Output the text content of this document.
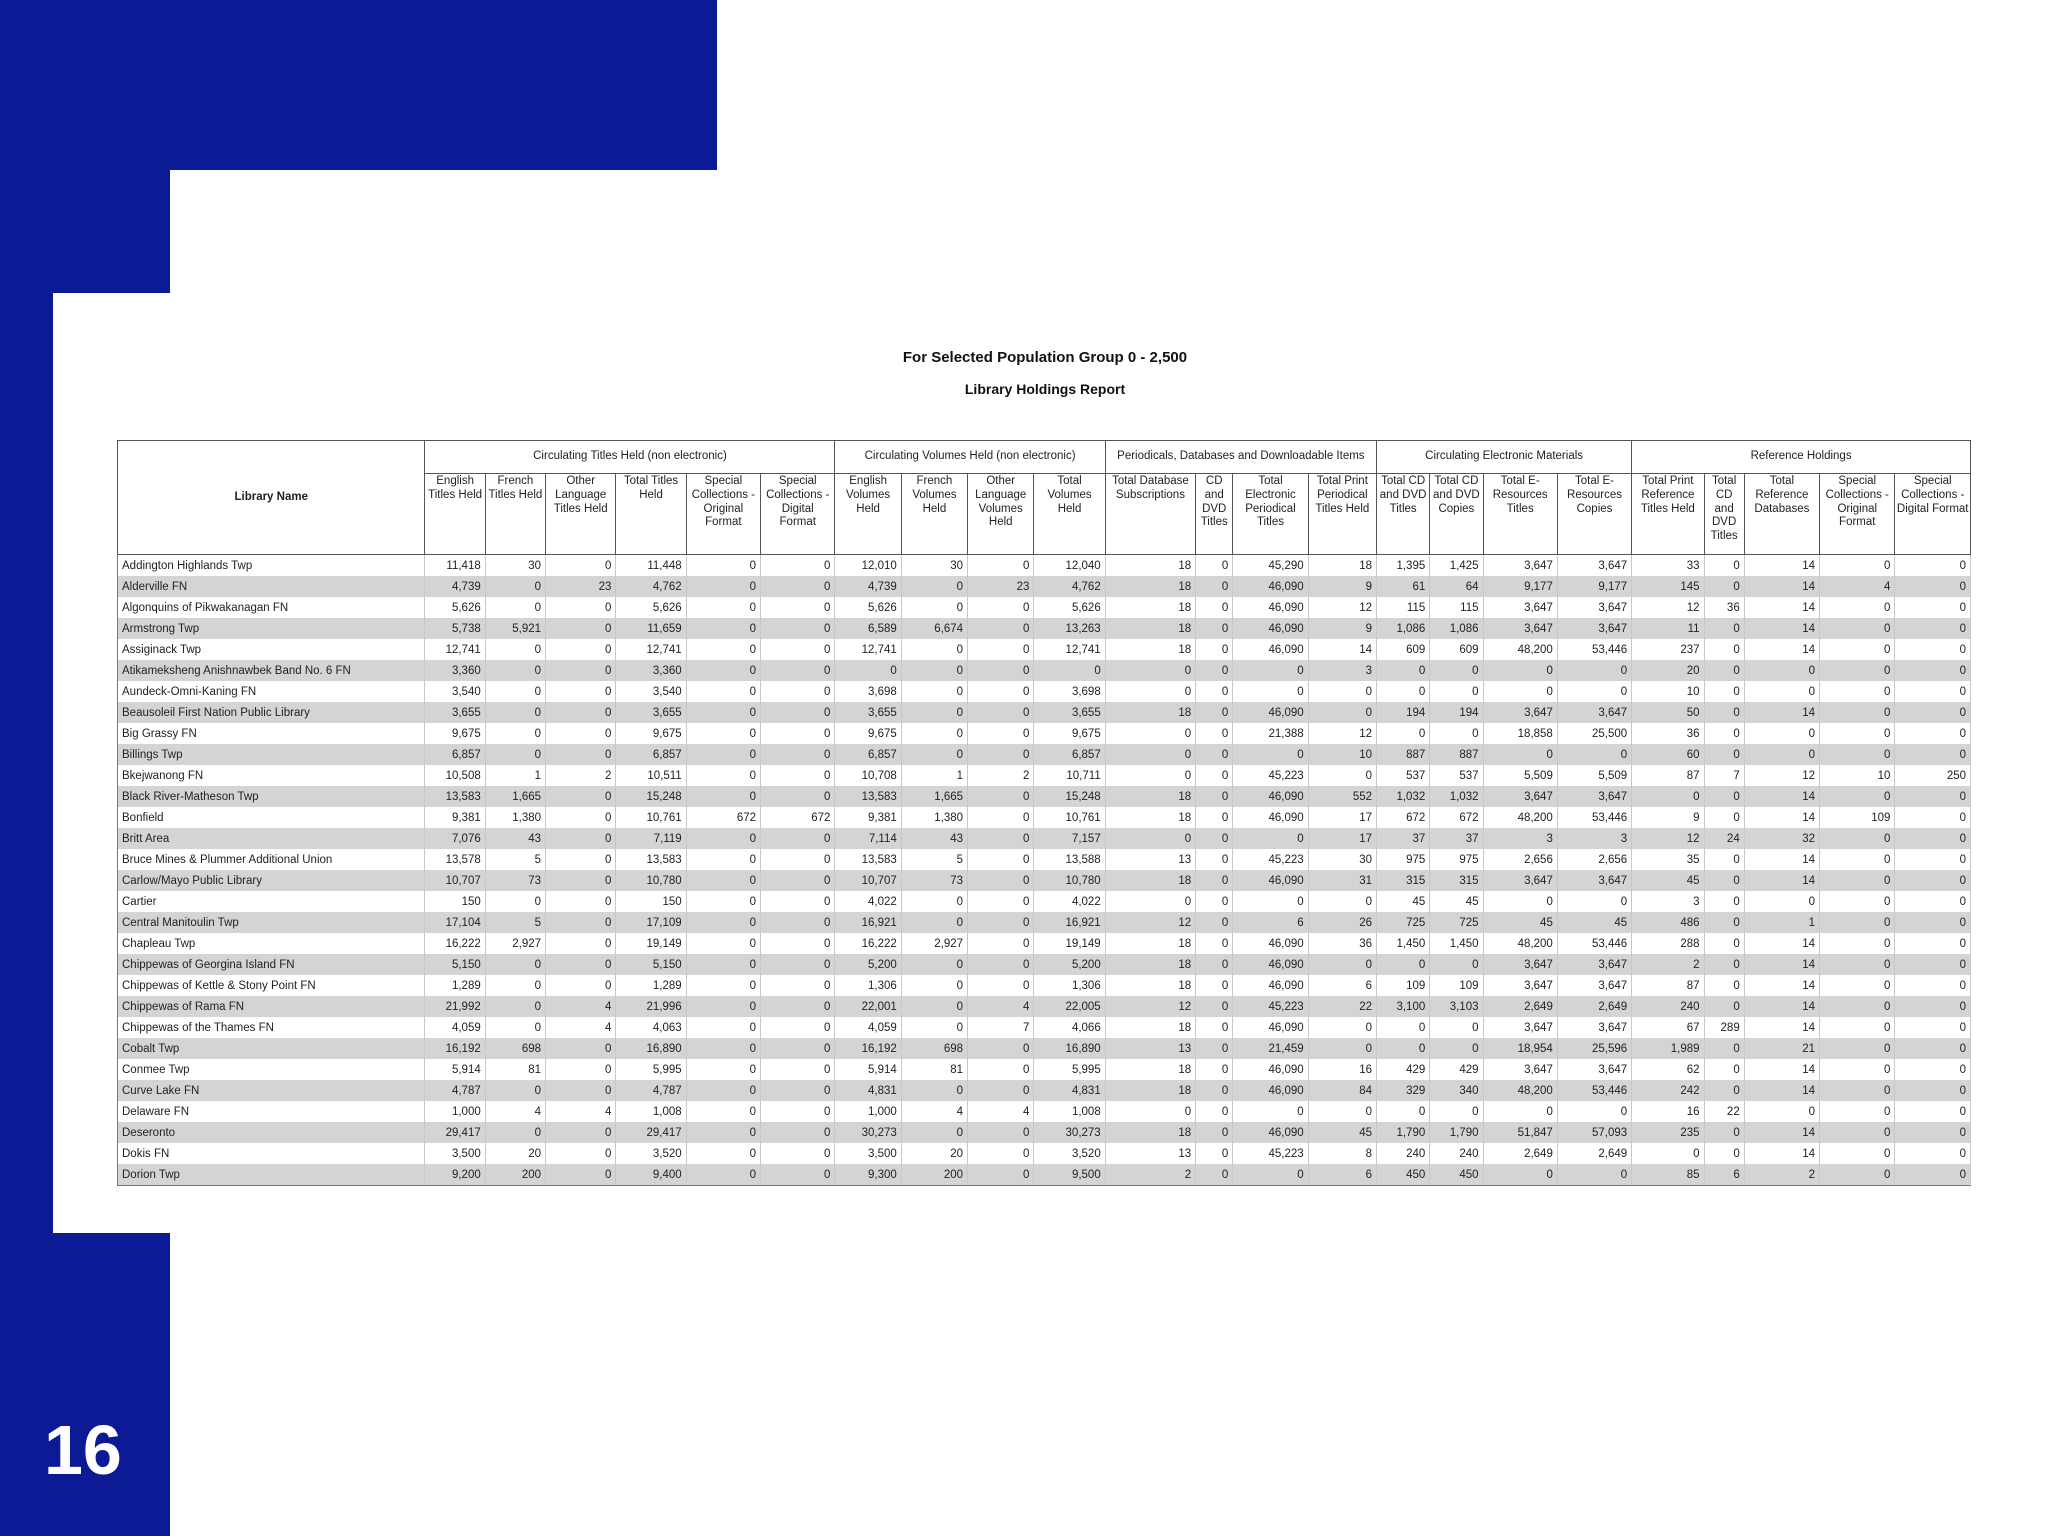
16
For Selected Population Group 0 - 2,500
Library Holdings Report
Library Name	Circulating Titles Held (non electronic)						Circulating Volumes Held (non electronic)				Periodicals, Databases and Downloadable Items				Circulating Electronic Materials				Reference Holdings				
	English Titles Held	French Titles Held	Other Language Titles Held	Total Titles Held	Special Collections - Original Format	Special Collections - Digital Format	English Volumes Held	French Volumes Held	Other Language Volumes Held	Total Volumes Held	Total Database Subscriptions	CD and DVD Titles	Total Electronic Periodical Titles	Total Print Periodical Titles Held	Total CD and DVD Titles	Total CD and DVD Copies	Total E-Resources Titles	Total E-Resources Copies	Total Print Reference Titles Held	Total CD and DVD Titles	Total Reference Databases	Special Collections - Original Format	Special Collections - Digital Format
Addington Highlands Twp	11,418	30	0	11,448	0	0	12,010	30	0	12,040	18	0	45,290	18	1,395	1,425	3,647	3,647	33	0	14	0	0
Alderville FN	4,739	0	23	4,762	0	0	4,739	0	23	4,762	18	0	46,090	9	61	64	9,177	9,177	145	0	14	4	0
Algonquins of Pikwakanagan FN	5,626	0	0	5,626	0	0	5,626	0	0	5,626	18	0	46,090	12	115	115	3,647	3,647	12	36	14	0	0
Armstrong Twp	5,738	5,921	0	11,659	0	0	6,589	6,674	0	13,263	18	0	46,090	9	1,086	1,086	3,647	3,647	11	0	14	0	0
Assiginack Twp	12,741	0	0	12,741	0	0	12,741	0	0	12,741	18	0	46,090	14	609	609	48,200	53,446	237	0	14	0	0
Atikameksheng Anishnawbek Band No. 6 FN	3,360	0	0	3,360	0	0	0	0	0	0	0	0	0	3	0	0	0	0	20	0	0	0	0
Aundeck-Omni-Kaning FN	3,540	0	0	3,540	0	0	3,698	0	0	3,698	0	0	0	0	0	0	0	0	10	0	0	0	0
Beausoleil First Nation Public Library	3,655	0	0	3,655	0	0	3,655	0	0	3,655	18	0	46,090	0	194	194	3,647	3,647	50	0	14	0	0
Big Grassy FN	9,675	0	0	9,675	0	0	9,675	0	0	9,675	0	0	21,388	12	0	0	18,858	25,500	36	0	0	0	0
Billings Twp	6,857	0	0	6,857	0	0	6,857	0	0	6,857	0	0	0	10	887	887	0	0	60	0	0	0	0
Bkejwanong FN	10,508	1	2	10,511	0	0	10,708	1	2	10,711	0	0	45,223	0	537	537	5,509	5,509	87	7	12	10	250
Black River-Matheson Twp	13,583	1,665	0	15,248	0	0	13,583	1,665	0	15,248	18	0	46,090	552	1,032	1,032	3,647	3,647	0	0	14	0	0
Bonfield	9,381	1,380	0	10,761	672	672	9,381	1,380	0	10,761	18	0	46,090	17	672	672	48,200	53,446	9	0	14	109	0
Britt Area	7,076	43	0	7,119	0	0	7,114	43	0	7,157	0	0	0	17	37	37	3	3	12	24	32	0	0
Bruce Mines & Plummer Additional Union	13,578	5	0	13,583	0	0	13,583	5	0	13,588	13	0	45,223	30	975	975	2,656	2,656	35	0	14	0	0
Carlow/Mayo Public Library	10,707	73	0	10,780	0	0	10,707	73	0	10,780	18	0	46,090	31	315	315	3,647	3,647	45	0	14	0	0
Cartier	150	0	0	150	0	0	4,022	0	0	4,022	0	0	0	0	45	45	0	0	3	0	0	0	0
Central Manitoulin Twp	17,104	5	0	17,109	0	0	16,921	0	0	16,921	12	0	6	26	725	725	45	45	486	0	1	0	0
Chapleau Twp	16,222	2,927	0	19,149	0	0	16,222	2,927	0	19,149	18	0	46,090	36	1,450	1,450	48,200	53,446	288	0	14	0	0
Chippewas of Georgina Island FN	5,150	0	0	5,150	0	0	5,200	0	0	5,200	18	0	46,090	0	0	0	3,647	3,647	2	0	14	0	0
Chippewas of Kettle & Stony Point FN	1,289	0	0	1,289	0	0	1,306	0	0	1,306	18	0	46,090	6	109	109	3,647	3,647	87	0	14	0	0
Chippewas of Rama FN	21,992	0	4	21,996	0	0	22,001	0	4	22,005	12	0	45,223	22	3,100	3,103	2,649	2,649	240	0	14	0	0
Chippewas of the Thames FN	4,059	0	4	4,063	0	0	4,059	0	7	4,066	18	0	46,090	0	0	0	3,647	3,647	67	289	14	0	0
Cobalt Twp	16,192	698	0	16,890	0	0	16,192	698	0	16,890	13	0	21,459	0	0	0	18,954	25,596	1,989	0	21	0	0
Conmee Twp	5,914	81	0	5,995	0	0	5,914	81	0	5,995	18	0	46,090	16	429	429	3,647	3,647	62	0	14	0	0
Curve Lake FN	4,787	0	0	4,787	0	0	4,831	0	0	4,831	18	0	46,090	84	329	340	48,200	53,446	242	0	14	0	0
Delaware FN	1,000	4	4	1,008	0	0	1,000	4	4	1,008	0	0	0	0	0	0	0	0	16	22	0	0	0
Deseronto	29,417	0	0	29,417	0	0	30,273	0	0	30,273	18	0	46,090	45	1,790	1,790	51,847	57,093	235	0	14	0	0
Dokis FN	3,500	20	0	3,520	0	0	3,500	20	0	3,520	13	0	45,223	8	240	240	2,649	2,649	0	0	14	0	0
Dorion Twp	9,200	200	0	9,400	0	0	9,300	200	0	9,500	2	0	0	6	450	450	0	0	85	6	2	0	0
